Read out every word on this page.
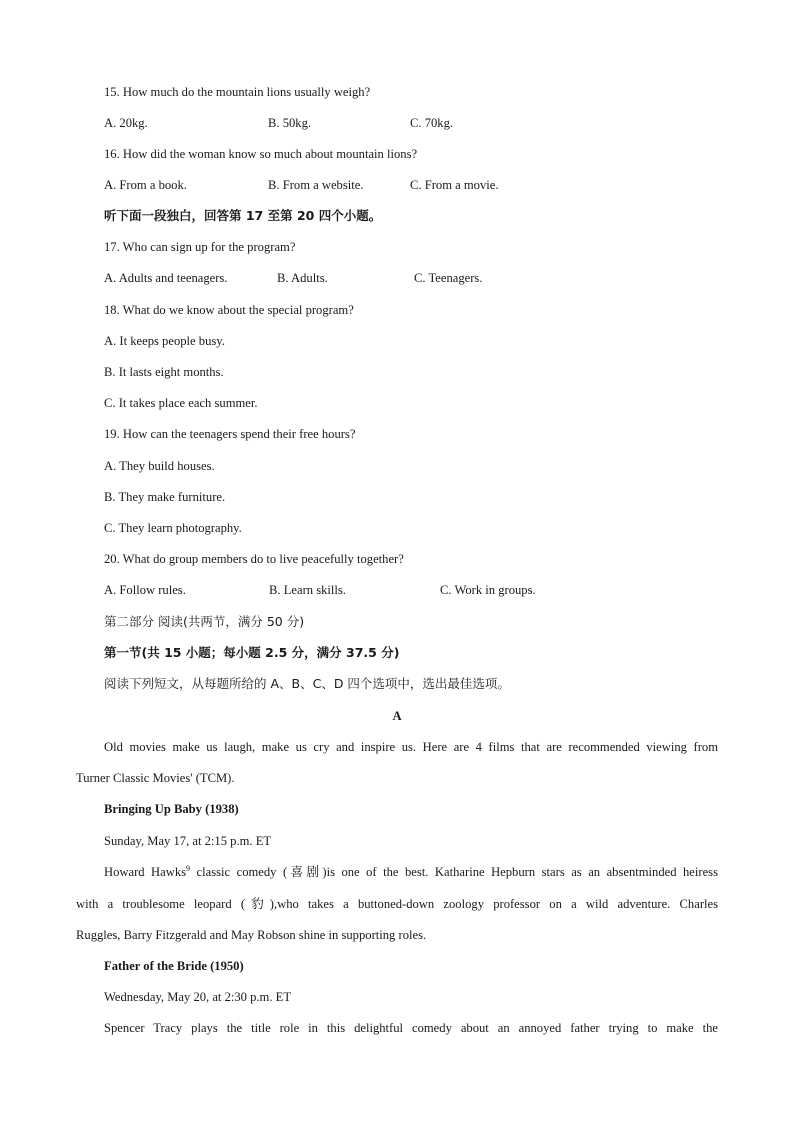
15. How much do the mountain lions usually weigh?
A. 20kg.	B. 50kg.	C. 70kg.
16. How did the woman know so much about mountain lions?
A. From a book.	B. From a website.	C. From a movie.
听下面一段独白，回答第 17 至第 20 四个小题。
17. Who can sign up for the program?
A. Adults and teenagers.	B. Adults.	C. Teenagers.
18. What do we know about the special program?
A. It keeps people busy.
B. It lasts eight months.
C. It takes place each summer.
19. How can the teenagers spend their free hours?
A. They build houses.
B. They make furniture.
C. They learn photography.
20. What do group members do to live peacefully together?
A. Follow rules.	B. Learn skills.	C. Work in groups.
第二部分 阅读(共两节，满分 50 分)
第一节(共 15 小题；每小题 2.5 分，满分 37.5 分)
阅读下列短文，从每题所给的 A、B、C、D 四个选项中，选出最佳选项。
A
Old movies make us laugh, make us cry and inspire us. Here are 4 films that are recommended viewing from
Turner Classic Movies' (TCM).
Bringing Up Baby (1938)
Sunday, May 17, at 2:15 p.m. ET
Howard Hawks$^9$ classic comedy (喜剧)is one of the best. Katharine Hepburn stars as an absentminded heiress
with a troublesome leopard (豹),who takes a buttoned-down zoology professor on a wild adventure. Charles
Ruggles, Barry Fitzgerald and May Robson shine in supporting roles.
Father of the Bride (1950)
Wednesday, May 20, at 2:30 p.m. ET
Spencer Tracy plays the title role in this delightful comedy about an annoyed father trying to make the
